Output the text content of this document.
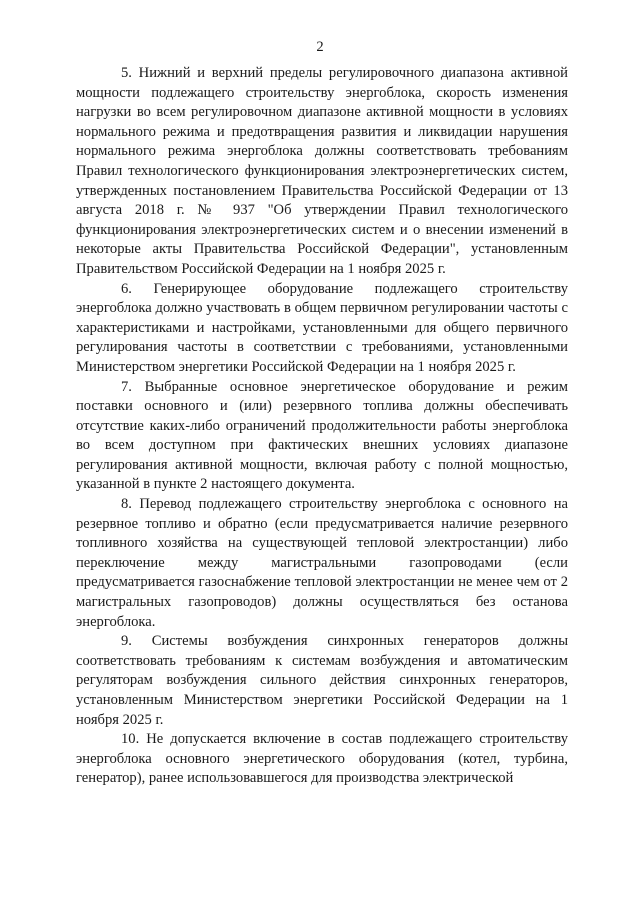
2

5. Нижний и верхний пределы регулировочного диапазона активной мощности подлежащего строительству энергоблока, скорость изменения нагрузки во всем регулировочном диапазоне активной мощности в условиях нормального режима и предотвращения развития и ликвидации нарушения нормального режима энергоблока должны соответствовать требованиям Правил технологического функционирования электроэнергетических систем, утвержденных постановлением Правительства Российской Федерации от 13 августа 2018 г. № 937 "Об утверждении Правил технологического функционирования электроэнергетических систем и о внесении изменений в некоторые акты Правительства Российской Федерации", установленным Правительством Российской Федерации на 1 ноября 2025 г.

6. Генерирующее оборудование подлежащего строительству энергоблока должно участвовать в общем первичном регулировании частоты с характеристиками и настройками, установленными для общего первичного регулирования частоты в соответствии с требованиями, установленными Министерством энергетики Российской Федерации на 1 ноября 2025 г.

7. Выбранные основное энергетическое оборудование и режим поставки основного и (или) резервного топлива должны обеспечивать отсутствие каких-либо ограничений продолжительности работы энергоблока во всем доступном при фактических внешних условиях диапазоне регулирования активной мощности, включая работу с полной мощностью, указанной в пункте 2 настоящего документа.

8. Перевод подлежащего строительству энергоблока с основного на резервное топливо и обратно (если предусматривается наличие резервного топливного хозяйства на существующей тепловой электростанции) либо переключение между магистральными газопроводами (если предусматривается газоснабжение тепловой электростанции не менее чем от 2 магистральных газопроводов) должны осуществляться без останова энергоблока.

9. Системы возбуждения синхронных генераторов должны соответствовать требованиям к системам возбуждения и автоматическим регуляторам возбуждения сильного действия синхронных генераторов, установленным Министерством энергетики Российской Федерации на 1 ноября 2025 г.

10. Не допускается включение в состав подлежащего строительству энергоблока основного энергетического оборудования (котел, турбина, генератор), ранее использовавшегося для производства электрической
